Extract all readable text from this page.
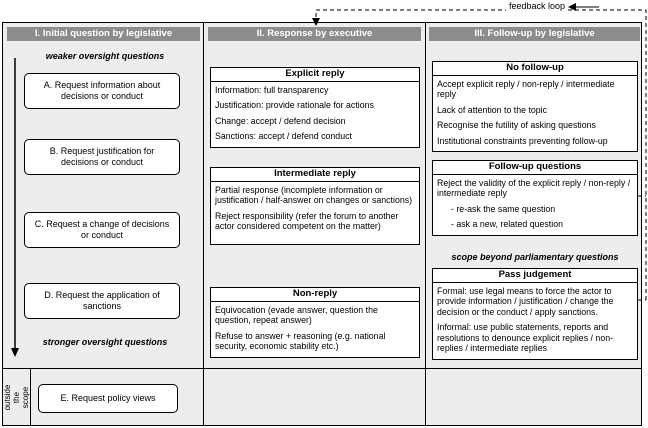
I. Initial question by legislative	II. Response by executive	III. Follow-up by legislative
weaker oversight questions
A. Request information about decisions or conduct
B. Request justification for decisions or conduct
C. Request a change of decisions or conduct
D. Request the application of sanctions
stronger oversight questions
outside the scope	E. Request policy views
Explicit reply

Information: full transparency

Justification: provide rationale for actions

Change: accept / defend decision

Sanctions: accept / defend conduct

Intermediate reply

Partial response (incomplete information or justification / half-answer on changes or sanctions)

Reject responsibility (refer the forum to another actor considered competent on the matter)

Non-reply

Equivocation (evade answer, question the question, repeat answer)

Refuse to answer + reasoning (e.g. national security, economic stability etc.)

No follow-up

Accept explicit reply / non-reply / intermediate reply

Lack of attention to the topic

Recognise the futility of asking questions

Institutional constraints preventing follow-up

Follow-up questions

Reject the validity of the explicit reply / non-reply / intermediate reply

- re-ask the same question

- ask a new, related question

scope beyond parliamentary questions
Pass judgement

Formal: use legal means to force the actor to provide information / justification / change the decision or the conduct / apply sanctions.

Informal: use public statements, reports and resolutions to denounce explicit replies / non-replies / intermediate replies

feedback loop
